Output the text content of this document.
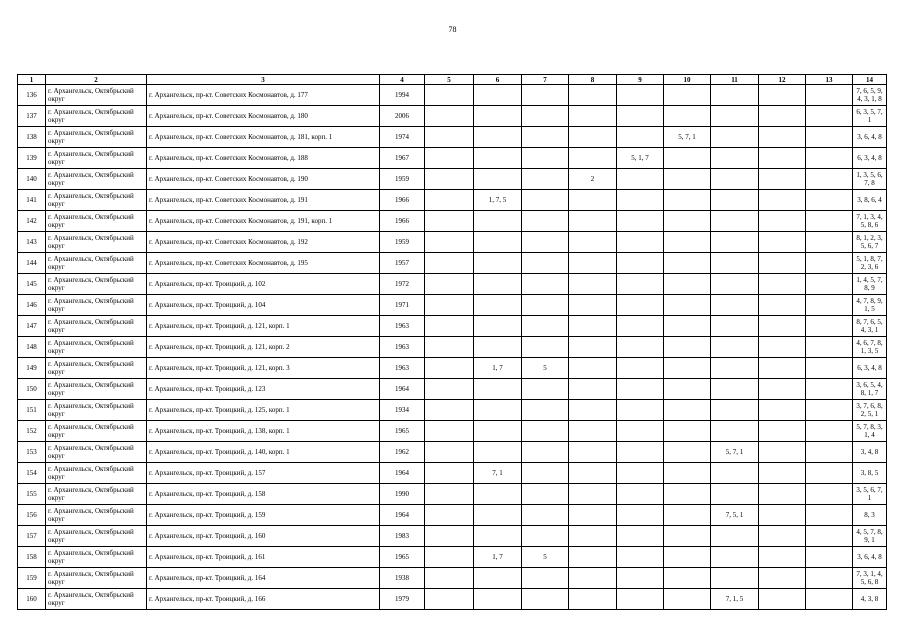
78
1	2	3	4	5	6	7	8	9	10	11	12	13	14
136	г. Архангельск, Октябрьский округ	г. Архангельск, пр-кт. Советских Космонавтов, д. 177	1994										7, 6, 5, 9, 4, 3, 1, 8
137	г. Архангельск, Октябрьский округ	г. Архангельск, пр-кт. Советских Космонавтов, д. 180	2006										6, 3, 5, 7, 1
138	г. Архангельск, Октябрьский округ	г. Архангельск, пр-кт. Советских Космонавтов, д. 181, корп. 1	1974						5, 7, 1				3, 6, 4, 8
139	г. Архангельск, Октябрьский округ	г. Архангельск, пр-кт. Советских Космонавтов, д. 188	1967					5, 1, 7					6, 3, 4, 8
140	г. Архангельск, Октябрьский округ	г. Архангельск, пр-кт. Советских Космонавтов, д. 190	1959				2						1, 3, 5, 6, 7, 8
141	г. Архангельск, Октябрьский округ	г. Архангельск, пр-кт. Советских Космонавтов, д. 191	1966		1, 7, 5								3, 8, 6, 4
142	г. Архангельск, Октябрьский округ	г. Архангельск, пр-кт. Советских Космонавтов, д. 191, корп. 1	1966										7, 1, 3, 4, 5, 8, 6
143	г. Архангельск, Октябрьский округ	г. Архангельск, пр-кт. Советских Космонавтов, д. 192	1959										8, 1, 2, 3, 5, 6, 7
144	г. Архангельск, Октябрьский округ	г. Архангельск, пр-кт. Советских Космонавтов, д. 195	1957										5, 1, 8, 7, 2, 3, 6
145	г. Архангельск, Октябрьский округ	г. Архангельск, пр-кт. Троицкий, д. 102	1972										1, 4, 5, 7, 8, 9
146	г. Архангельск, Октябрьский округ	г. Архангельск, пр-кт. Троицкий, д. 104	1971										4, 7, 8, 9, 1, 5
147	г. Архангельск, Октябрьский округ	г. Архангельск, пр-кт. Троицкий, д. 121, корп. 1	1963										8, 7, 6, 5, 4, 3, 1
148	г. Архангельск, Октябрьский округ	г. Архангельск, пр-кт. Троицкий, д. 121, корп. 2	1963										4, 6, 7, 8, 1, 3, 5
149	г. Архангельск, Октябрьский округ	г. Архангельск, пр-кт. Троицкий, д. 121, корп. 3	1963		1, 7	5							6, 3, 4, 8
150	г. Архангельск, Октябрьский округ	г. Архангельск, пр-кт. Троицкий, д. 123	1964										3, 6, 5, 4, 8, 1, 7
151	г. Архангельск, Октябрьский округ	г. Архангельск, пр-кт. Троицкий, д. 125, корп. 1	1934										3, 7, 6, 8, 2, 5, 1
152	г. Архангельск, Октябрьский округ	г. Архангельск, пр-кт. Троицкий, д. 138, корп. 1	1965										5, 7, 8, 3, 1, 4
153	г. Архангельск, Октябрьский округ	г. Архангельск, пр-кт. Троицкий, д. 140, корп. 1	1962							5, 7, 1			3, 4, 8
154	г. Архангельск, Октябрьский округ	г. Архангельск, пр-кт. Троицкий, д. 157	1964		7, 1								3, 8, 5
155	г. Архангельск, Октябрьский округ	г. Архангельск, пр-кт. Троицкий, д. 158	1990										3, 5, 6, 7, 1
156	г. Архангельск, Октябрьский округ	г. Архангельск, пр-кт. Троицкий, д. 159	1964							7, 5, 1			8, 3
157	г. Архангельск, Октябрьский округ	г. Архангельск, пр-кт. Троицкий, д. 160	1983										4, 5, 7, 8, 9, 1
158	г. Архангельск, Октябрьский округ	г. Архангельск, пр-кт. Троицкий, д. 161	1965		1, 7	5							3, 6, 4, 8
159	г. Архангельск, Октябрьский округ	г. Архангельск, пр-кт. Троицкий, д. 164	1938										7, 3, 1, 4, 5, 6, 8
160	г. Архангельск, Октябрьский округ	г. Архангельск, пр-кт. Троицкий, д. 166	1979							7, 1, 5			4, 3, 8
